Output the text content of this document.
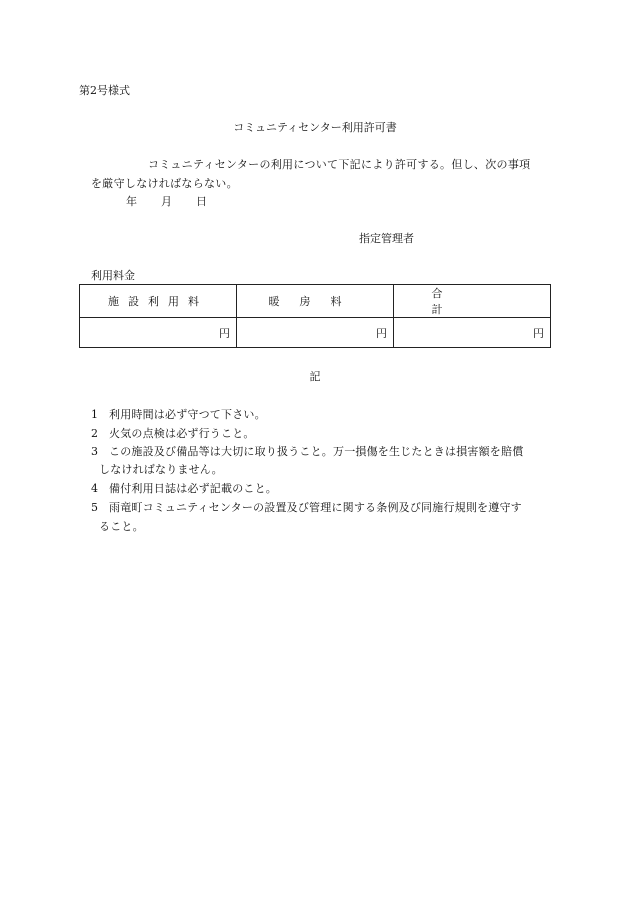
第2号様式
コミュニティセンター利用許可書
コミュニティセンターの利用について下記により許可する。但し、次の事項
を厳守しなければならない。
年 月 日
指定管理者
利用料金
施設利用料	暖房料	合計
円	円	円
記
1 利用時間は必ず守つて下さい。
2 火気の点検は必ず行うこと。
3 この施設及び備品等は大切に取り扱うこと。万一損傷を生じたときは損害額を賠償
しなければなりません。
4 備付利用日誌は必ず記載のこと。
5 雨竜町コミュニティセンターの設置及び管理に関する条例及び同施行規則を遵守す
ること。
